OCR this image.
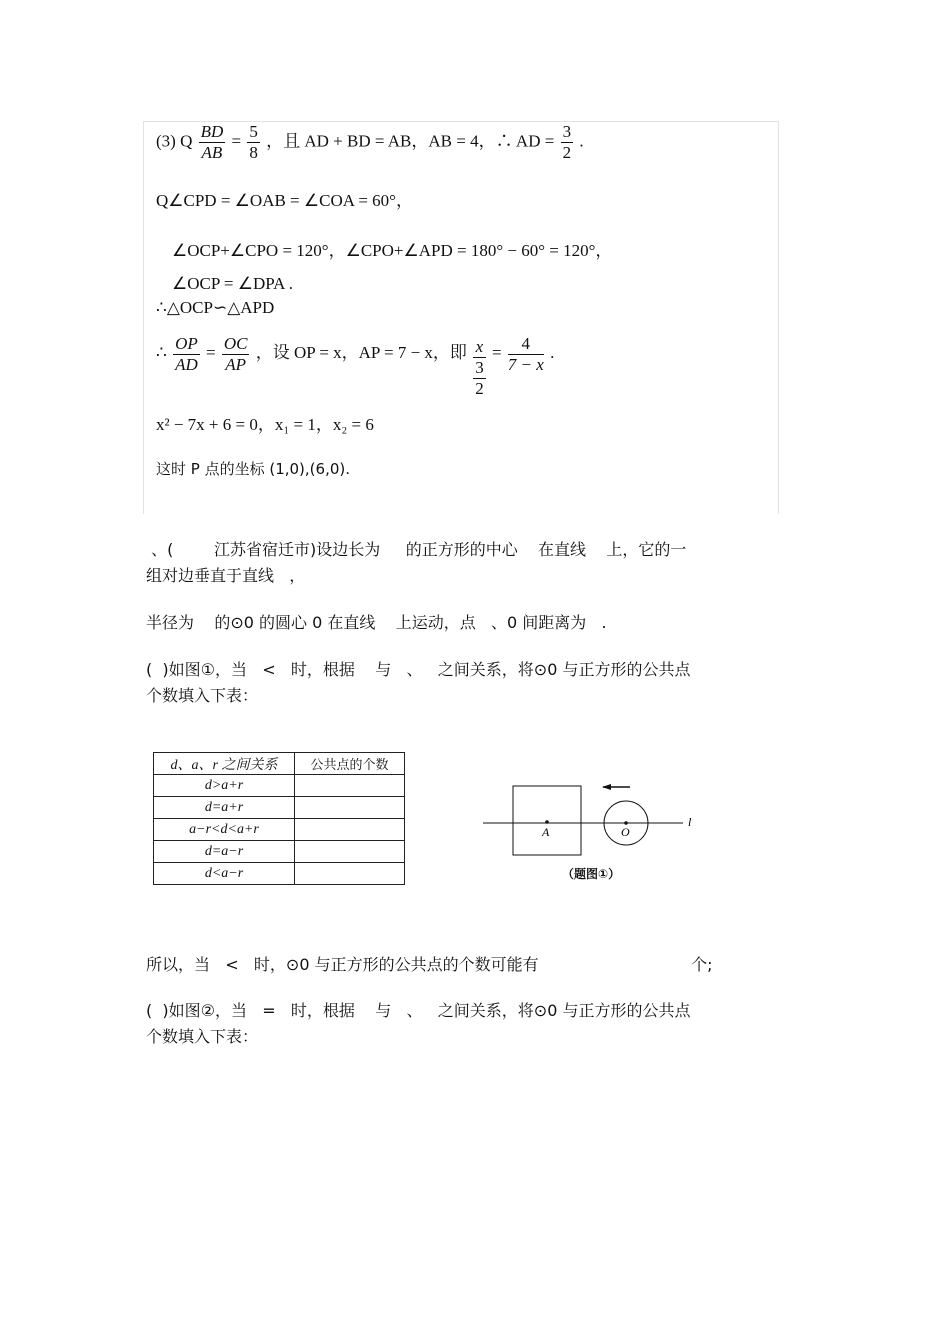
(3) Q $\frac{BD}{AB} = \frac{5}{8}$ ，且 AD + BD = AB，AB = 4，∴ AD = $\frac{3}{2}$ .
Q∠CPD = ∠OAB = ∠COA = 60°，
∠OCP+∠CPO = 120°，∠CPO+∠APD = 180° − 60° = 120°，
∠OCP = ∠DPA .
∴△OCP∽△APD
∴ $\frac{OP}{AD} = \frac{OC}{AP}$ ，设 OP = x，AP = 7 − x，即 $\frac{x}{\frac{3}{2}} = \frac{4}{7 - x}$ .
x² − 7x + 6 = 0，x₁ = 1，x₂ = 6
这时 P 点的坐标 (1,0),(6,0).
、(        江苏省宿迁市)设边长为     的正方形的中心    在直线    上，它的一
组对边垂直于直线   ，
半径为    的⊙0 的圆心 0 在直线    上运动，点   、0 间距离为   .
(  )如图①，当   <   时，根据    与   、   之间关系，将⊙0 与正方形的公共点
个数填入下表：
d、a、r 之间关系	公共点的个数
d>a+r	
d=a+r	
a−r<d<a+r	
d=a−r	
d<a−r	
A	O
l
（题图①）
所以，当   <   时，⊙0 与正方形的公共点的个数可能有                              个;
(  )如图②，当   =   时，根据    与   、   之间关系，将⊙0 与正方形的公共点
个数填入下表：
